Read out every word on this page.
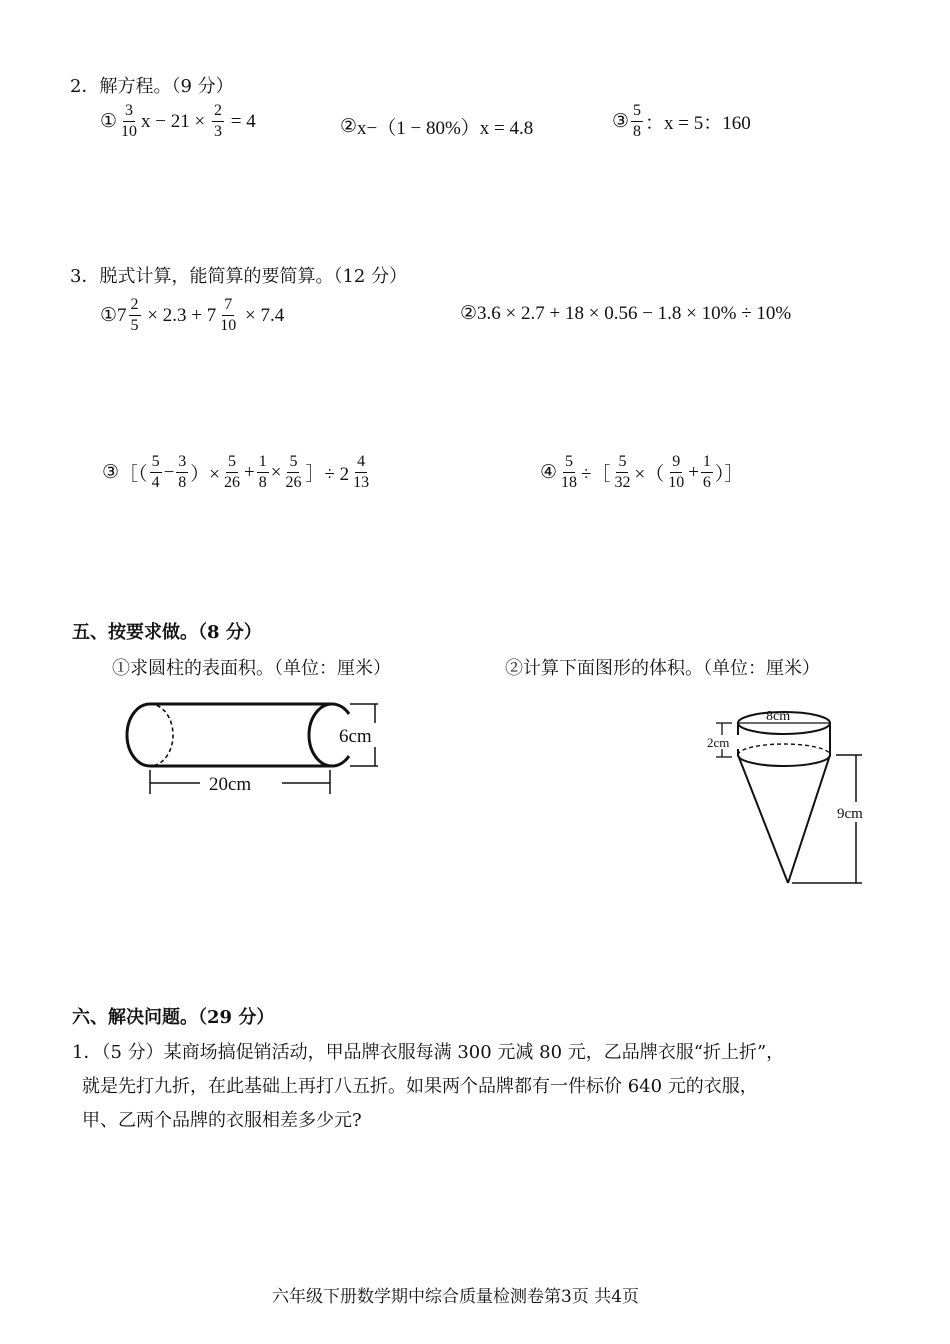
2．解方程。（9 分）
① $\frac{3}{10}$ $x - 21 \times \frac{2}{3} = 4$	② x−（1 − 80%）x = 4.8	③ $\frac{5}{8}$ ：x = 5：160
3．脱式计算，能简算的要简算。（12 分）
① $7 \frac{2}{5} \times 2.3 + 7 \frac{7}{10} \times 7.4$	② 3.6 × 2.7 + 18 × 0.56 − 1.8 × 10% ÷ 10%
③ ［（ $\frac{5}{4} - \frac{3}{8}$ ）× $\frac{5}{26} + \frac{1}{8} \times \frac{5}{26}$ ］÷ $2 \frac{4}{13}$	④ $\frac{5}{18}$ ÷［ $\frac{5}{32}$ ×（ $\frac{9}{10} + \frac{1}{6}$ ）］
五、按要求做。（8 分）
①求圆柱的表面积。（单位：厘米）	②计算下面图形的体积。（单位：厘米）
6cm
20cm
8cm
2cm
9cm
六、解决问题。（29 分）
1．（5 分）某商场搞促销活动，甲品牌衣服每满 300 元减 80 元，乙品牌衣服“折上折”，
就是先打九折，在此基础上再打八五折。如果两个品牌都有一件标价 640 元的衣服，
甲、乙两个品牌的衣服相差多少元?
六年级下册数学期中综合质量检测卷第3页 共4页
